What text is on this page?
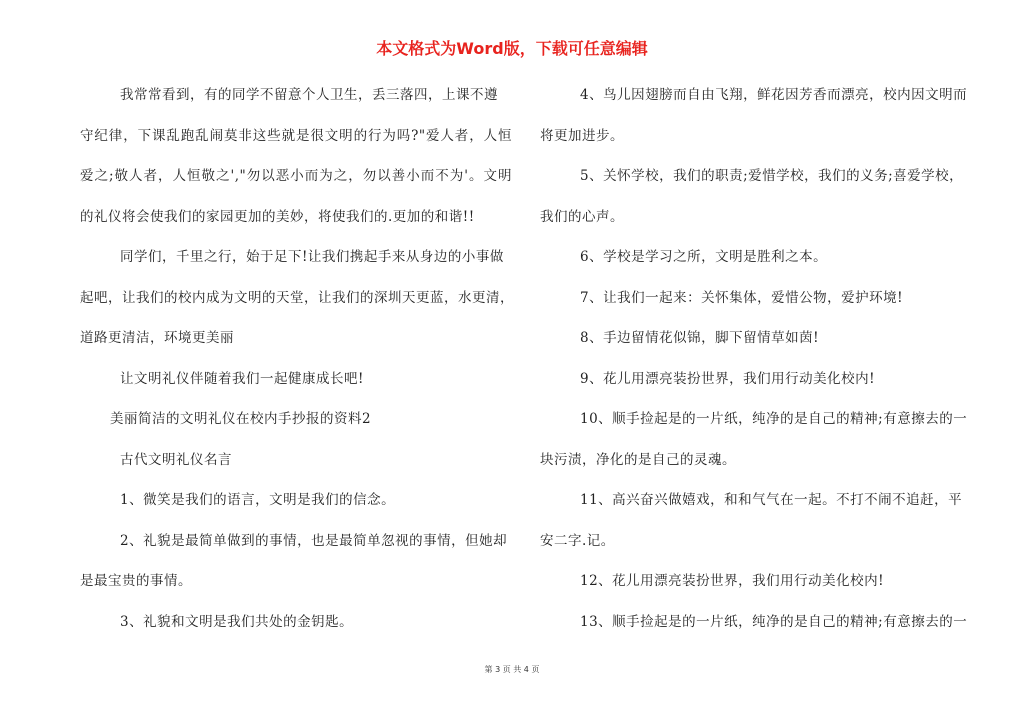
本文格式为Word版，下载可任意编辑
我常常看到，有的同学不留意个人卫生，丢三落四，上课不遵
守纪律，下课乱跑乱闹莫非这些就是很文明的行为吗?"爱人者，人恒
爱之;敬人者，人恒敬之',"勿以恶小而为之，勿以善小而不为'。文明
的礼仪将会使我们的家园更加的美妙，将使我们的.更加的和谐!!
同学们，千里之行，始于足下!让我们携起手来从身边的小事做
起吧，让我们的校内成为文明的天堂，让我们的深圳天更蓝，水更清，
道路更清洁，环境更美丽
让文明礼仪伴随着我们一起健康成长吧!
美丽简洁的文明礼仪在校内手抄报的资料2
古代文明礼仪名言
1、微笑是我们的语言，文明是我们的信念。
2、礼貌是最简单做到的事情，也是最简单忽视的事情，但她却
是最宝贵的事情。
3、礼貌和文明是我们共处的金钥匙。
4、鸟儿因翅膀而自由飞翔，鲜花因芳香而漂亮，校内因文明而
将更加进步。
5、关怀学校，我们的职责;爱惜学校，我们的义务;喜爱学校，
我们的心声。
6、学校是学习之所，文明是胜利之本。
7、让我们一起来：关怀集体，爱惜公物，爱护环境!
8、手边留情花似锦，脚下留情草如茵!
9、花儿用漂亮装扮世界，我们用行动美化校内!
10、顺手捡起是的一片纸，纯净的是自己的精神;有意擦去的一
块污渍，净化的是自己的灵魂。
11、高兴奋兴做嬉戏，和和气气在一起。不打不闹不追赶，平
安二字.记。
12、花儿用漂亮装扮世界，我们用行动美化校内!
13、顺手捡起是的一片纸，纯净的是自己的精神;有意擦去的一
第 3 页 共 4 页
